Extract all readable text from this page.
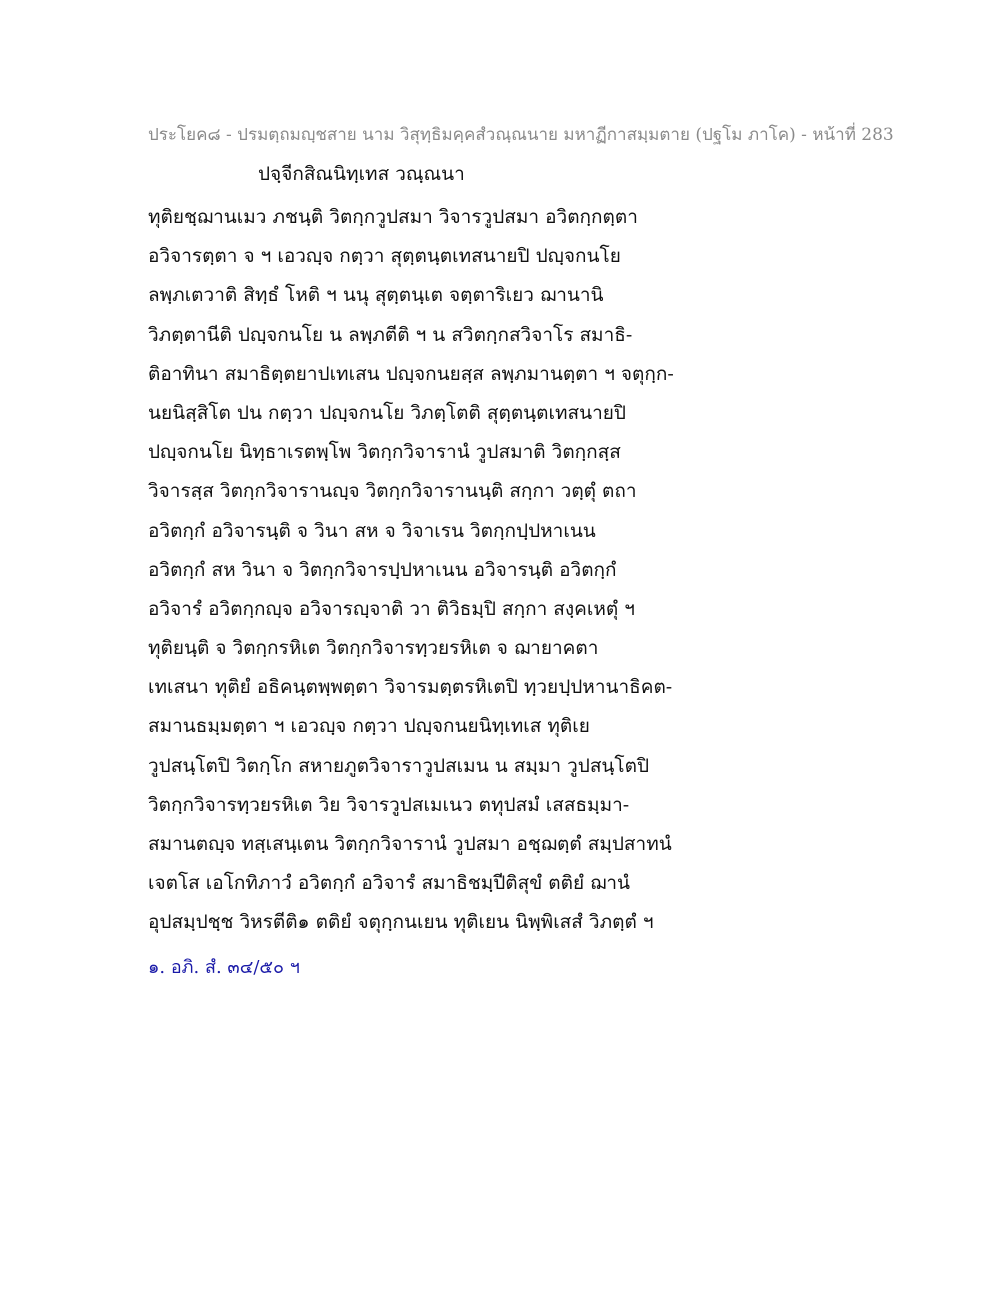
ประโยค๘ - ปรมตฺถมญฺชสาย นาม วิสุทฺธิมคฺคสํวณฺณนาย มหาฏีกาสมฺมตาย (ปฐโม ภาโค) - หน้าที่ 283
ปจฺจีกสิณนิทฺเทส วณฺณนา
ทุติยชฺฌานเมว ภชนฺติ วิตกฺกวูปสมา วิจารวูปสมา อวิตกฺกตฺตา
อวิจารตฺตา จ ฯ เอวญฺจ กตฺวา สุตฺตนฺตเทสนายปิ ปญฺจกนโย
ลพฺภเตวาติ สิทฺธํ โหติ ฯ นนุ สุตฺตนฺเต จตฺตาริเยว ฌานานิ
วิภตฺตานีติ ปญฺจกนโย น ลพฺภตีติ ฯ น สวิตกฺกสวิจาโร สมาธิ-
ติอาทินา สมาธิตฺตยาปเทเสน ปญฺจกนยสฺส ลพฺภมานตฺตา ฯ จตุกฺก-
นยนิสฺสิโต ปน กตฺวา ปญฺจกนโย วิภตฺโตติ สุตฺตนฺตเทสนายปิ
ปญฺจกนโย นิทฺธาเรตพฺโพ วิตกฺกวิจารานํ วูปสมาติ วิตกฺกสฺส
วิจารสฺส วิตกฺกวิจารานญฺจ วิตกฺกวิจารานนฺติ สกฺกา วตฺตุํ ตถา
อวิตกฺกํ อวิจารนฺติ จ วินา สห จ วิจาเรน วิตกฺกปฺปหาเนน
อวิตกฺกํ สห วินา จ วิตกฺกวิจารปฺปหาเนน อวิจารนฺติ อวิตกฺกํ
อวิจารํ อวิตกฺกญฺจ อวิจารญฺจาติ วา ติวิธมฺปิ สกฺกา สงฺคเหตุํ ฯ
ทุติยนฺติ จ วิตกฺกรหิเต วิตกฺกวิจารทฺวยรหิเต จ ฌายาคตา
เทเสนา ทุติยํ อธิคนฺตพฺพตฺตา วิจารมตฺตรหิเตปิ ทฺวยปฺปหานาธิคต-
สมานธมฺมตฺตา ฯ เอวญฺจ กตฺวา ปญฺจกนยนิทฺเทเส ทุติเย
วูปสนฺโตปิ วิตกฺโก สหายภูตวิจาราวูปสเมน น สมฺมา วูปสนฺโตปิ
วิตกฺกวิจารทฺวยรหิเต วิย วิจารวูปสเมเนว ตทุปสมํ เสสธมฺมา-
สมานตญฺจ ทสฺเสนฺเตน วิตกฺกวิจารานํ วูปสมา อชฺฌตฺตํ สมฺปสาทนํ
เจตโส เอโกทิภาวํ อวิตกฺกํ อวิจารํ สมาธิชมฺปีติสุขํ ตติยํ ฌานํ
อุปสมฺปชฺช วิหรตีติ๑ ตติยํ จตุกฺกนเยน ทุติเยน นิพฺพิเสสํ วิภตฺตํ ฯ
๑. อภิ. สํ. ๓๔/๕๐ ฯ
